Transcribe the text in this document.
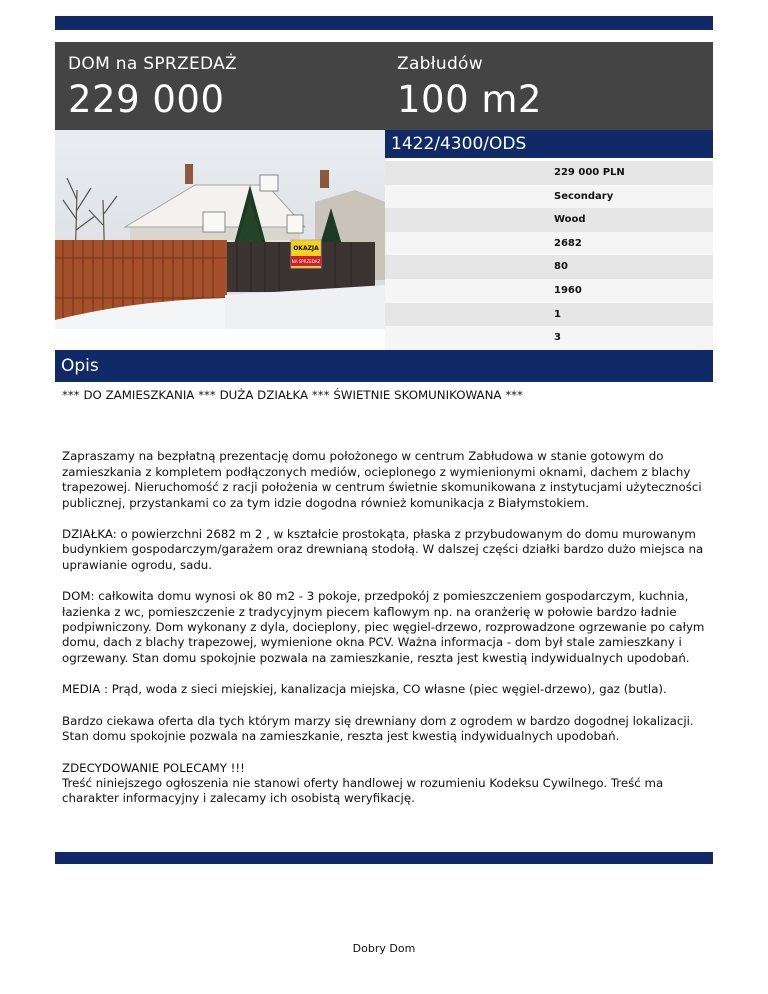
DOM na SPRZEDAŻ
229 000
Zabłudów
100 m2
OKAZJA
NA SPRZEDAŻ
1422/4300/ODS
229 000 PLN
Secondary
Wood
2682
80
1960
1
3
Opis

*** DO ZAMIESZKANIA *** DUŻA DZIAŁKA *** ŚWIETNIE SKOMUNIKOWANA ***

Zapraszamy na bezpłatną prezentację domu położonego w centrum Zabłudowa w stanie gotowym do zamieszkania z kompletem podłączonych mediów, ocieplonego z wymienionymi oknami, dachem z blachy trapezowej. Nieruchomość z racji położenia w centrum świetnie skomunikowana z instytucjami użyteczności publicznej, przystankami co za tym idzie dogodna również komunikacja z Białymstokiem.

DZIAŁKA: o powierzchni 2682 m 2 , w kształcie prostokąta, płaska z przybudowanym do domu murowanym budynkiem gospodarczym/garażem oraz drewnianą stodołą. W dalszej części działki bardzo dużo miejsca na uprawianie ogrodu, sadu.

DOM: całkowita domu wynosi ok 80 m2 - 3 pokoje, przedpokój z pomieszczeniem gospodarczym, kuchnia, łazienka z wc, pomieszczenie z tradycyjnym piecem kaflowym np. na oranżerię w połowie bardzo ładnie podpiwniczony. Dom wykonany z dyla, docieplony, piec węgiel-drzewo, rozprowadzone ogrzewanie po całym domu, dach z blachy trapezowej, wymienione okna PCV. Ważna informacja - dom był stale zamieszkany i ogrzewany. Stan domu spokojnie pozwala na zamieszkanie, reszta jest kwestią indywidualnych upodobań.

MEDIA : Prąd, woda z sieci miejskiej, kanalizacja miejska, CO własne (piec węgiel-drzewo), gaz (butla).

Bardzo ciekawa oferta dla tych którym marzy się drewniany dom z ogrodem w bardzo dogodnej lokalizacji. Stan domu spokojnie pozwala na zamieszkanie, reszta jest kwestią indywidualnych upodobań.

ZDECYDOWANIE POLECAMY !!!

Treść niniejszego ogłoszenia nie stanowi oferty handlowej w rozumieniu Kodeksu Cywilnego. Treść ma charakter informacyjny i zalecamy ich osobistą weryfikację.

Dobry Dom
